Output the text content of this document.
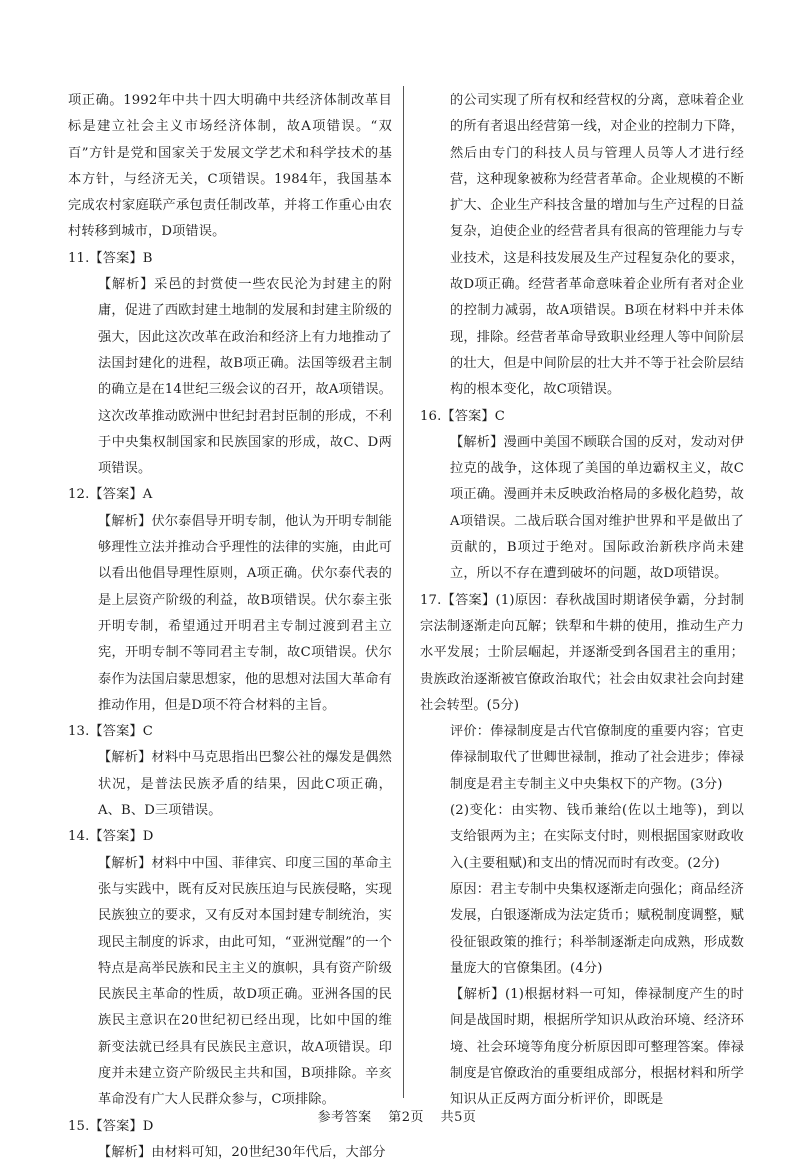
项正确。1992年中共十四大明确中共经济体制改革目标是建立社会主义市场经济体制，故A项错误。“双百”方针是党和国家关于发展文学艺术和科学技术的基本方针，与经济无关，C项错误。1984年，我国基本完成农村家庭联产承包责任制改革，并将工作重心由农村转移到城市，D项错误。

11.【答案】B

【解析】采邑的封赏使一些农民沦为封建主的附庸，促进了西欧封建土地制的发展和封建主阶级的强大，因此这次改革在政治和经济上有力地推动了法国封建化的进程，故B项正确。法国等级君主制的确立是在14世纪三级会议的召开，故A项错误。这次改革推动欧洲中世纪封君封臣制的形成，不利于中央集权制国家和民族国家的形成，故C、D两项错误。

12.【答案】A

【解析】伏尔泰倡导开明专制，他认为开明专制能够理性立法并推动合乎理性的法律的实施，由此可以看出他倡导理性原则，A项正确。伏尔泰代表的是上层资产阶级的利益，故B项错误。伏尔泰主张开明专制，希望通过开明君主专制过渡到君主立宪，开明专制不等同君主专制，故C项错误。伏尔泰作为法国启蒙思想家，他的思想对法国大革命有推动作用，但是D项不符合材料的主旨。

13.【答案】C

【解析】材料中马克思指出巴黎公社的爆发是偶然状况，是普法民族矛盾的结果，因此C项正确，A、B、D三项错误。

14.【答案】D

【解析】材料中中国、菲律宾、印度三国的革命主张与实践中，既有反对民族压迫与民族侵略，实现民族独立的要求，又有反对本国封建专制统治，实现民主制度的诉求，由此可知，“亚洲觉醒”的一个特点是高举民族和民主主义的旗帜，具有资产阶级民族民主革命的性质，故D项正确。亚洲各国的民族民主意识在20世纪初已经出现，比如中国的维新变法就已经具有民族民主意识，故A项错误。印度并未建立资产阶级民主共和国，B项排除。辛亥革命没有广大人民群众参与，C项排除。

15.【答案】D

【解析】由材料可知，20世纪30年代后，大部分

的公司实现了所有权和经营权的分离，意味着企业的所有者退出经营第一线，对企业的控制力下降，然后由专门的科技人员与管理人员等人才进行经营，这种现象被称为经营者革命。企业规模的不断扩大、企业生产科技含量的增加与生产过程的日益复杂，迫使企业的经营者具有很高的管理能力与专业技术，这是科技发展及生产过程复杂化的要求，故D项正确。经营者革命意味着企业所有者对企业的控制力减弱，故A项错误。B项在材料中并未体现，排除。经营者革命导致职业经理人等中间阶层的壮大，但是中间阶层的壮大并不等于社会阶层结构的根本变化，故C项错误。

16.【答案】C

【解析】漫画中美国不顾联合国的反对，发动对伊拉克的战争，这体现了美国的单边霸权主义，故C项正确。漫画并未反映政治格局的多极化趋势，故A项错误。二战后联合国对维护世界和平是做出了贡献的，B项过于绝对。国际政治新秩序尚未建立，所以不存在遭到破坏的问题，故D项错误。

17.【答案】(1)原因：春秋战国时期诸侯争霸，分封制宗法制逐渐走向瓦解；铁犁和牛耕的使用，推动生产力水平发展；士阶层崛起，并逐渐受到各国君主的重用；贵族政治逐渐被官僚政治取代；社会由奴隶社会向封建社会转型。(5分)

评价：俸禄制度是古代官僚制度的重要内容；官吏俸禄制取代了世卿世禄制，推动了社会进步；俸禄制度是君主专制主义中央集权下的产物。(3分)

(2)变化：由实物、钱币兼给(佐以土地等)，到以支给银两为主；在实际支付时，则根据国家财政收入(主要租赋)和支出的情况而时有改变。(2分)

原因：君主专制中央集权逐渐走向强化；商品经济发展，白银逐渐成为法定货币；赋税制度调整，赋役征银政策的推行；科举制逐渐走向成熟，形成数量庞大的官僚集团。(4分)

【解析】(1)根据材料一可知，俸禄制度产生的时间是战国时期，根据所学知识从政治环境、经济环境、社会环境等角度分析原因即可整理答案。俸禄制度是官僚政治的重要组成部分，根据材料和所学知识从正反两方面分析评价，即既是

参考答案 第2页 共5页
